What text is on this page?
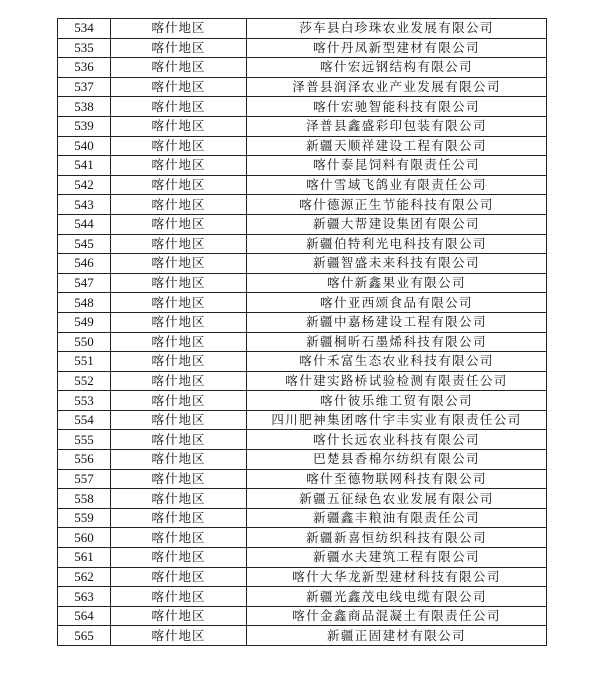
534	喀什地区	莎车县白珍珠农业发展有限公司
535	喀什地区	喀什丹凤新型建材有限公司
536	喀什地区	喀什宏远钢结构有限公司
537	喀什地区	泽普县润泽农业产业发展有限公司
538	喀什地区	喀什宏驰智能科技有限公司
539	喀什地区	泽普县鑫盛彩印包装有限公司
540	喀什地区	新疆天顺祥建设工程有限公司
541	喀什地区	喀什泰昆饲料有限责任公司
542	喀什地区	喀什雪域飞鸽业有限责任公司
543	喀什地区	喀什德源正生节能科技有限公司
544	喀什地区	新疆大帮建设集团有限公司
545	喀什地区	新疆伯特利光电科技有限公司
546	喀什地区	新疆智盛未来科技有限公司
547	喀什地区	喀什新鑫果业有限公司
548	喀什地区	喀什亚西颂食品有限公司
549	喀什地区	新疆中嘉杨建设工程有限公司
550	喀什地区	新疆桐昕石墨烯科技有限公司
551	喀什地区	喀什禾富生态农业科技有限公司
552	喀什地区	喀什建实路桥试验检测有限责任公司
553	喀什地区	喀什彼乐维工贸有限公司
554	喀什地区	四川肥神集团喀什宇丰实业有限责任公司
555	喀什地区	喀什长远农业科技有限公司
556	喀什地区	巴楚县香棉尔纺织有限公司
557	喀什地区	喀什至德物联网科技有限公司
558	喀什地区	新疆五征绿色农业发展有限公司
559	喀什地区	新疆鑫丰粮油有限责任公司
560	喀什地区	新疆新喜恒纺织科技有限公司
561	喀什地区	新疆水夫建筑工程有限公司
562	喀什地区	喀什大华龙新型建材科技有限公司
563	喀什地区	新疆光鑫茂电线电缆有限公司
564	喀什地区	喀什金鑫商品混凝土有限责任公司
565	喀什地区	新疆正固建材有限公司
